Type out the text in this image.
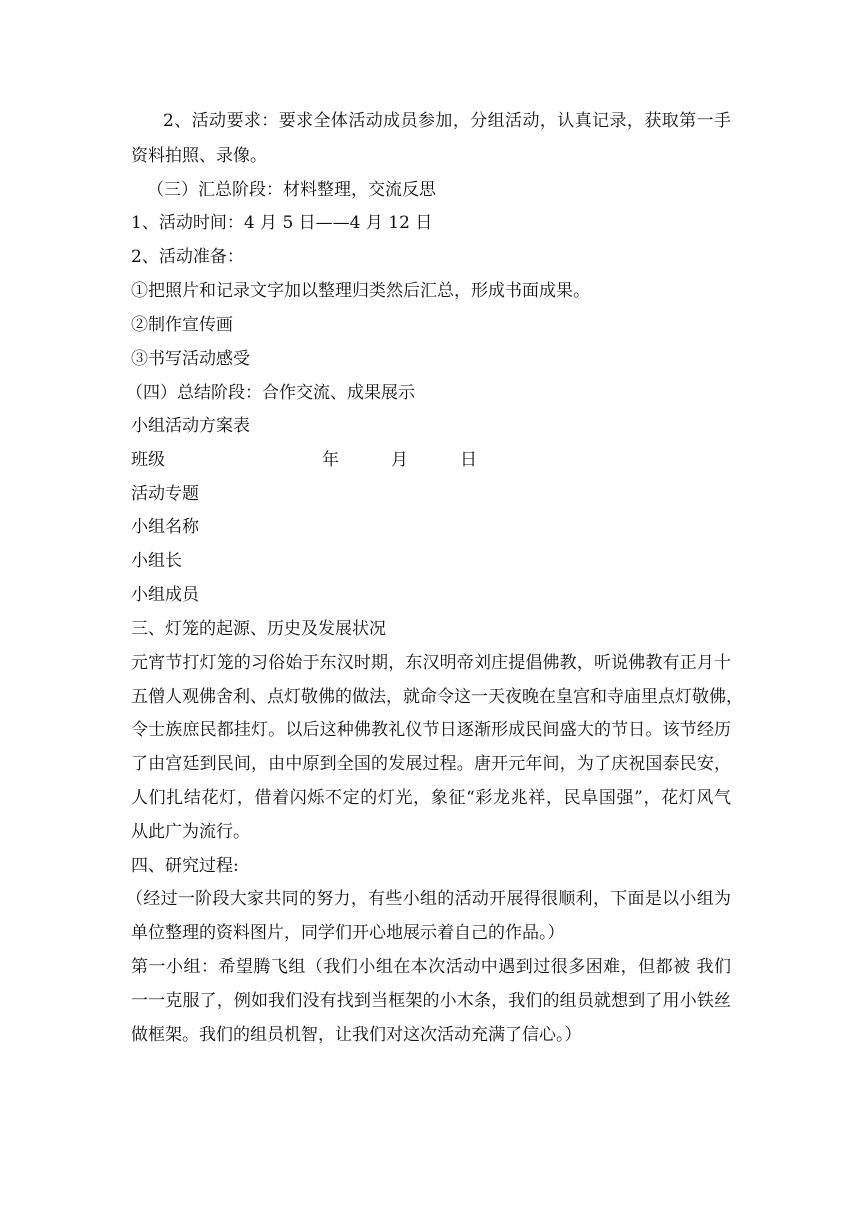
2、活动要求：要求全体活动成员参加，分组活动，认真记录，获取第一手
资料拍照、录像。
（三）汇总阶段：材料整理，交流反思
1、活动时间：4 月 5 日——4 月 12 日
2、活动准备：
①把照片和记录文字加以整理归类然后汇总，形成书面成果。
②制作宣传画
③书写活动感受
（四）总结阶段：合作交流、成果展示
小组活动方案表
班级	年	月	日
活动专题
小组名称
小组长
小组成员
三、灯笼的起源、历史及发展状况
元宵节打灯笼的习俗始于东汉时期，东汉明帝刘庄提倡佛教，听说佛教有正月十
五僧人观佛舍利、点灯敬佛的做法，就命令这一天夜晚在皇宫和寺庙里点灯敬佛，
令士族庶民都挂灯。以后这种佛教礼仪节日逐渐形成民间盛大的节日。该节经历
了由宫廷到民间，由中原到全国的发展过程。唐开元年间，为了庆祝国泰民安，
人们扎结花灯，借着闪烁不定的灯光，象征“彩龙兆祥，民阜国强”，花灯风气
从此广为流行。
四、研究过程:
（经过一阶段大家共同的努力，有些小组的活动开展得很顺利，下面是以小组为
单位整理的资料图片，同学们开心地展示着自己的作品。）
第一小组：希望腾飞组（我们小组在本次活动中遇到过很多困难，但都被 我们
一一克服了，例如我们没有找到当框架的小木条，我们的组员就想到了用小铁丝
做框架。我们的组员机智，让我们对这次活动充满了信心。）
